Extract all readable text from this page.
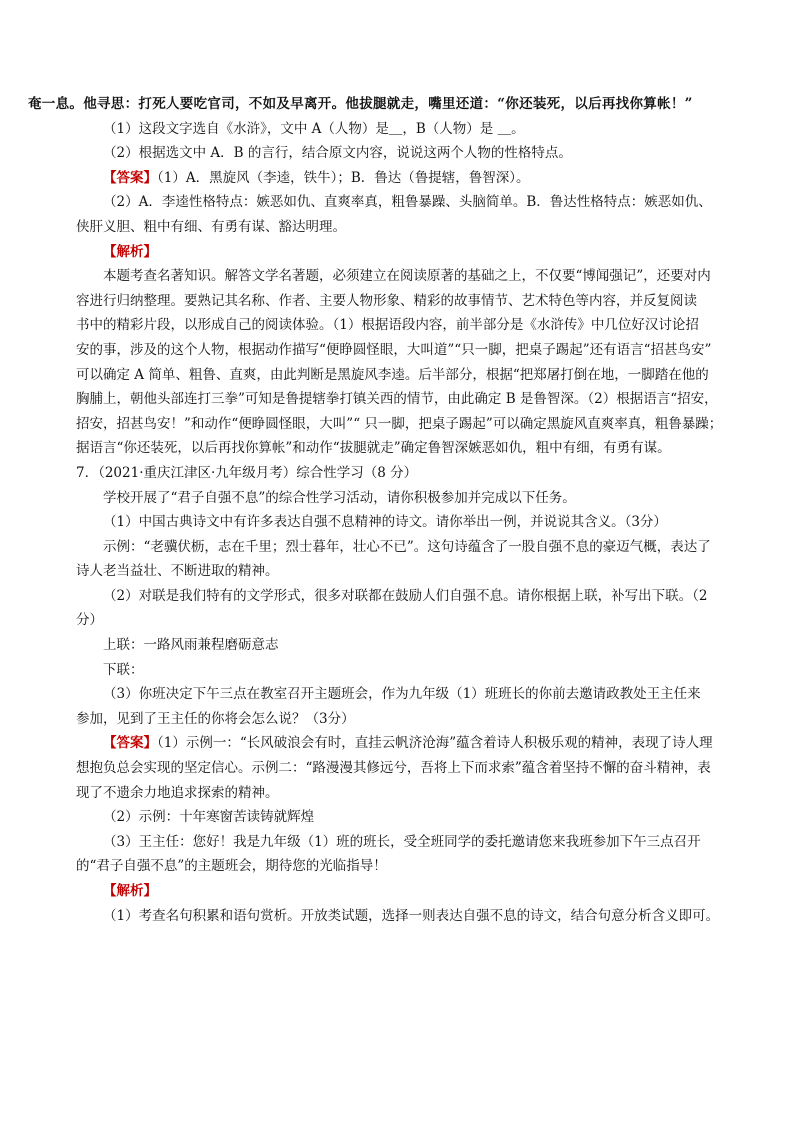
奄一息。他寻思：打死人要吃官司，不如及早离开。他拔腿就走，嘴里还道：“你还装死，以后再找你算帐！”

（1）这段文字选自《水浒》，文中 A（人物）是＿，B（人物）是 ＿。

（2）根据选文中 A．B 的言行，结合原文内容，说说这两个人物的性格特点。

【答案】（1）A．黑旋风（李逵，铁牛）；B．鲁达（鲁提辖，鲁智深）。

（2）A．李逵性格特点：嫉恶如仇、直爽率真，粗鲁暴躁、头脑简单。B．鲁达性格特点：嫉恶如仇、

侠肝义胆、粗中有细、有勇有谋、豁达明理。

【解析】

本题考查名著知识。解答文学名著题，必须建立在阅读原著的基础之上，不仅要“博闻强记”，还要对内

容进行归纳整理。要熟记其名称、作者、主要人物形象、精彩的故事情节、艺术特色等内容，并反复阅读

书中的精彩片段，以形成自己的阅读体验。（1）根据语段内容，前半部分是《水浒传》中几位好汉讨论招

安的事，涉及的这个人物，根据动作描写“便睁圆怪眼，大叫道”“只一脚，把桌子踢起”还有语言“招甚鸟安”

可以确定 A 简单、粗鲁、直爽，由此判断是黑旋风李逵。后半部分，根据“把郑屠打倒在地，一脚踏在他的

胸脯上，朝他头部连打三拳”可知是鲁提辖拳打镇关西的情节，由此确定 B 是鲁智深。（2）根据语言“招安，

招安，招甚鸟安！”和动作“便睁圆怪眼，大叫”“ 只一脚，把桌子踢起”可以确定黑旋风直爽率真，粗鲁暴躁；

据语言“你还装死，以后再找你算帐”和动作“拔腿就走”确定鲁智深嫉恶如仇，粗中有细，有勇有谋。

7．（2021·重庆江津区·九年级月考）综合性学习（8 分）

学校开展了“君子自强不息”的综合性学习活动，请你积极参加并完成以下任务。

（1）中国古典诗文中有许多表达自强不息精神的诗文。请你举出一例，并说说其含义。（3分）

示例：“老骥伏枥，志在千里；烈士暮年，壮心不已”。这句诗蕴含了一股自强不息的豪迈气概，表达了

诗人老当益壮、不断进取的精神。

（2）对联是我们特有的文学形式，很多对联都在鼓励人们自强不息。请你根据上联，补写出下联。（2

分）

上联：一路风雨兼程磨砺意志

下联：

（3）你班决定下午三点在教室召开主题班会，作为九年级（1）班班长的你前去邀请政教处王主任来

参加，见到了王主任的你将会怎么说？（3分）

【答案】（1）示例一：“长风破浪会有时，直挂云帆济沧海”蕴含着诗人积极乐观的精神，表现了诗人理

想抱负总会实现的坚定信心。示例二：“路漫漫其修远兮，吾将上下而求索”蕴含着坚持不懈的奋斗精神，表

现了不遗余力地追求探索的精神。

（2）示例：十年寒窗苦读铸就辉煌

（3）王主任：您好！我是九年级（1）班的班长，受全班同学的委托邀请您来我班参加下午三点召开

的“君子自强不息”的主题班会，期待您的光临指导！

【解析】

（1）考查名句积累和语句赏析。开放类试题，选择一则表达自强不息的诗文，结合句意分析含义即可。
